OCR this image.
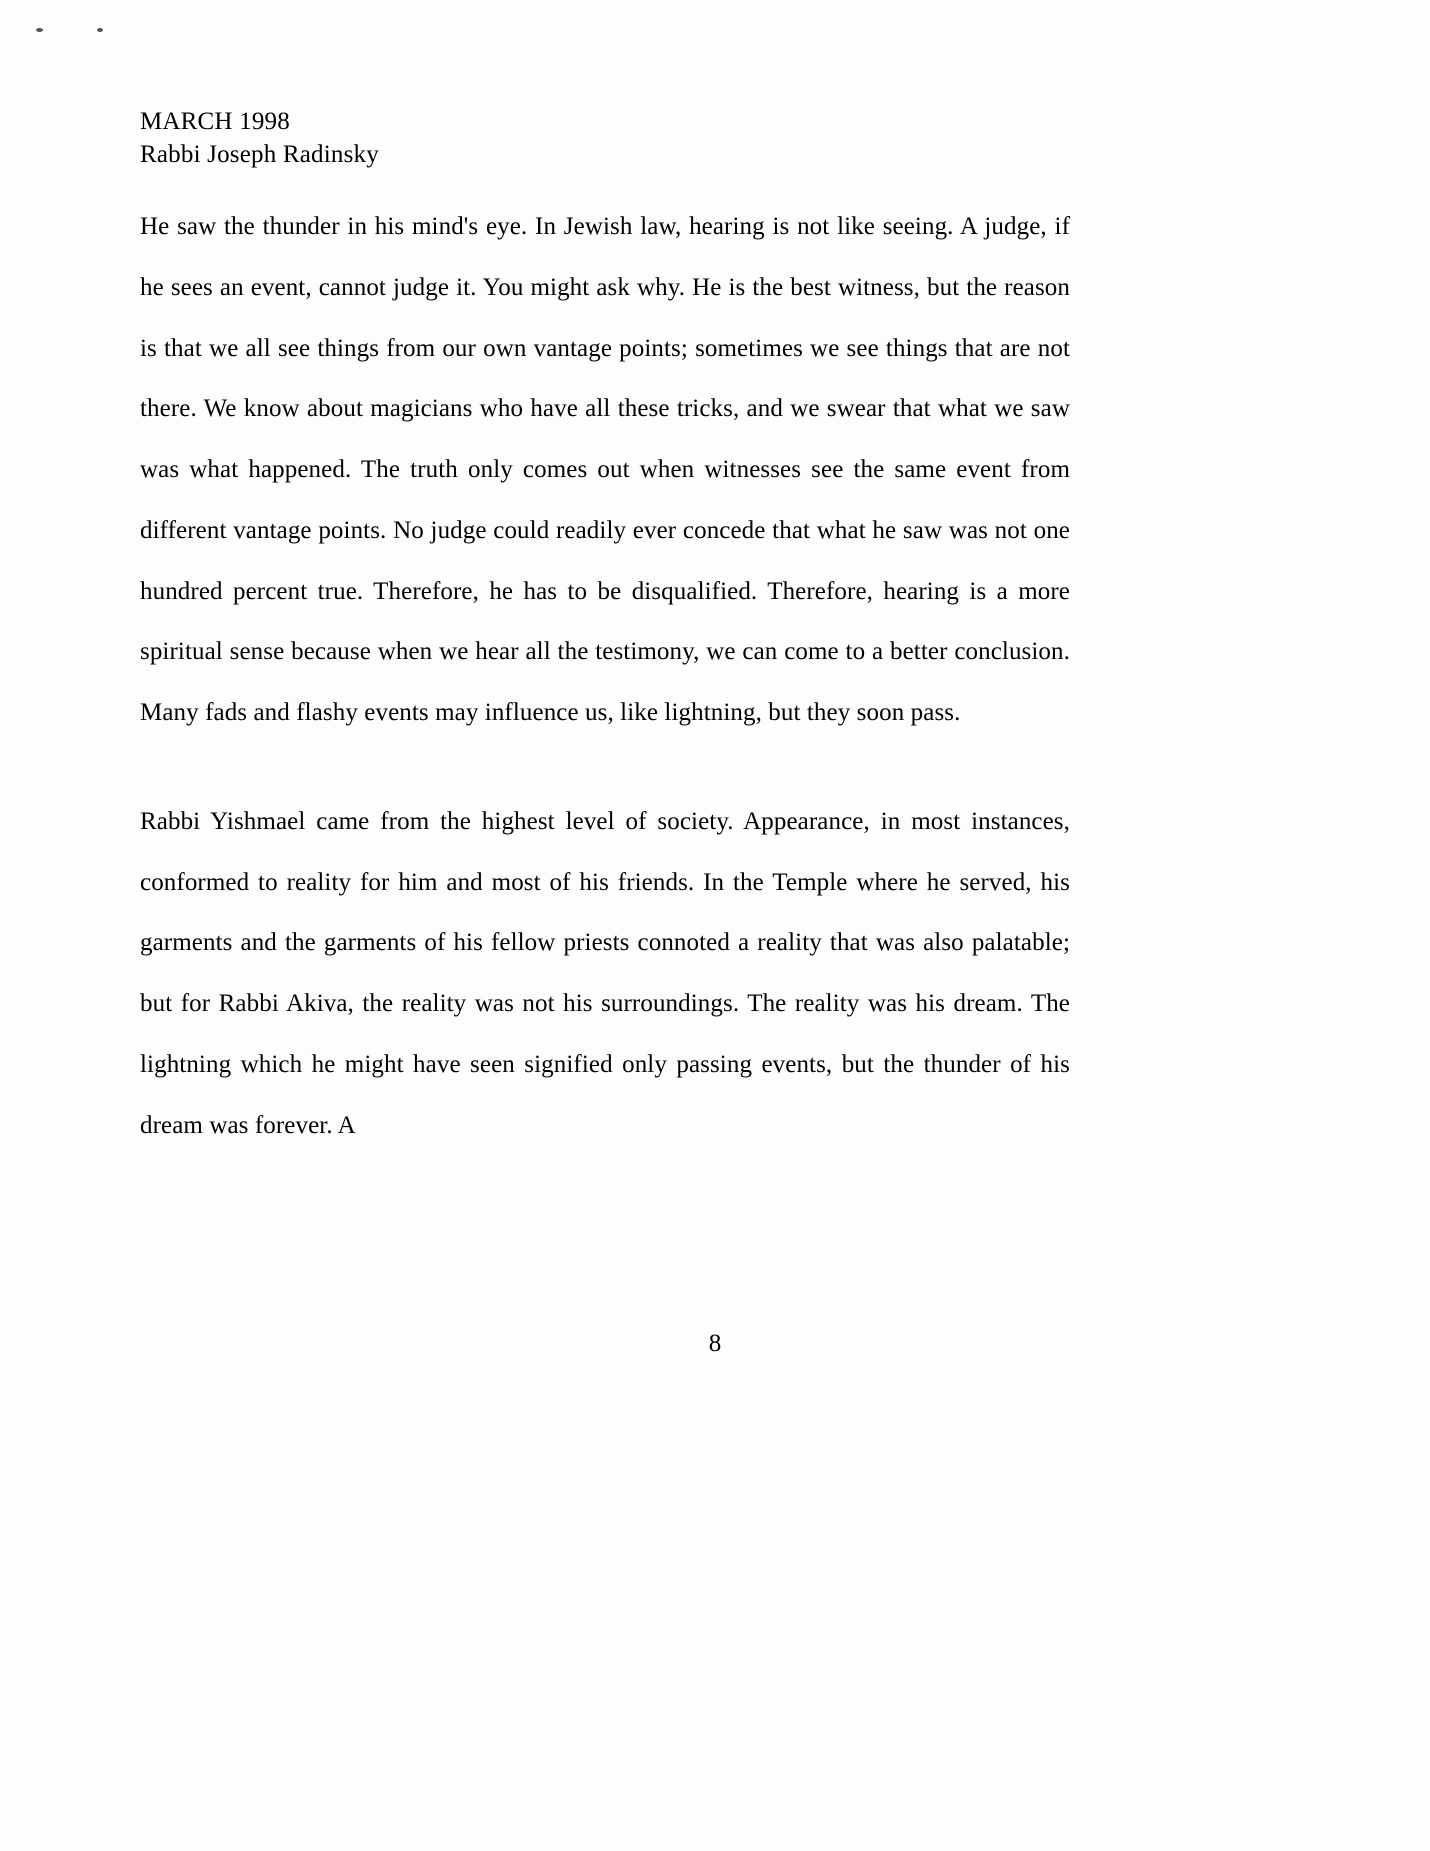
MARCH 1998
Rabbi Joseph Radinsky

He saw the thunder in his mind's eye. In Jewish law, hearing is not like seeing. A judge, if he sees an event, cannot judge it. You might ask why. He is the best witness, but the reason is that we all see things from our own vantage points; sometimes we see things that are not there. We know about magicians who have all these tricks, and we swear that what we saw was what happened. The truth only comes out when witnesses see the same event from different vantage points. No judge could readily ever concede that what he saw was not one hundred percent true. Therefore, he has to be disqualified. Therefore, hearing is a more spiritual sense because when we hear all the testimony, we can come to a better conclusion. Many fads and flashy events may influence us, like lightning, but they soon pass.

Rabbi Yishmael came from the highest level of society. Appearance, in most instances, conformed to reality for him and most of his friends. In the Temple where he served, his garments and the garments of his fellow priests connoted a reality that was also palatable; but for Rabbi Akiva, the reality was not his surroundings. The reality was his dream. The lightning which he might have seen signified only passing events, but the thunder of his dream was forever. A

8
